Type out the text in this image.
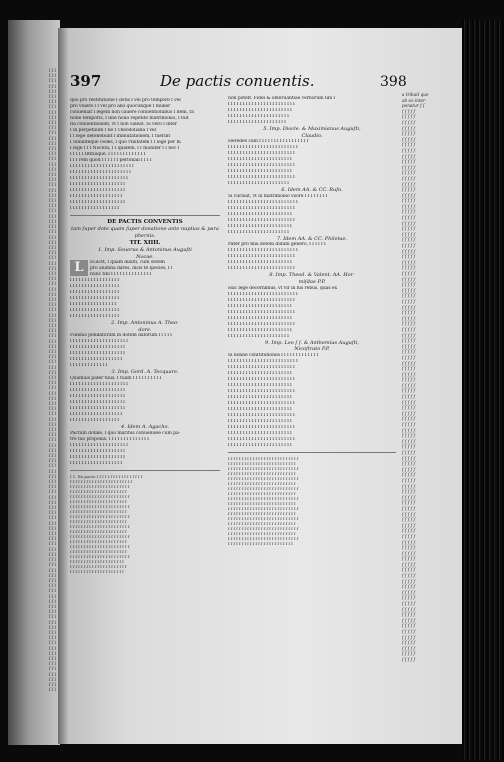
ſ ſ ſ
ſ ſ ſ
ſ ſ ſ
ſ ſ ſ
ſ ſ ſ
ſ ſ ſ
ſ ſ ſ
ſ ſ ſ
ſ ſ ſ
ſ ſ ſ
ſ ſ ſ
ſ ſ ſ
ſ ſ ſ
ſ ſ ſ
ſ ſ ſ
ſ ſ ſ
ſ ſ ſ
ſ ſ ſ
ſ ſ ſ
ſ ſ ſ
ſ ſ ſ
ſ ſ ſ
ſ ſ ſ
ſ ſ ſ
ſ ſ ſ
ſ ſ ſ
ſ ſ ſ
ſ ſ ſ
ſ ſ ſ
ſ ſ ſ
ſ ſ ſ
ſ ſ ſ
ſ ſ ſ
ſ ſ ſ
ſ ſ ſ
ſ ſ ſ
ſ ſ ſ
ſ ſ ſ
ſ ſ ſ
ſ ſ ſ
ſ ſ ſ
ſ ſ ſ
ſ ſ ſ
ſ ſ ſ
ſ ſ ſ
ſ ſ ſ
ſ ſ ſ
ſ ſ ſ
ſ ſ ſ
ſ ſ ſ
ſ ſ ſ
ſ ſ ſ
ſ ſ ſ
ſ ſ ſ
ſ ſ ſ
ſ ſ ſ
ſ ſ ſ
ſ ſ ſ
ſ ſ ſ
ſ ſ ſ
ſ ſ ſ
ſ ſ ſ
ſ ſ ſ
ſ ſ ſ
ſ ſ ſ
ſ ſ ſ
ſ ſ ſ
ſ ſ ſ
ſ ſ ſ
ſ ſ ſ
ſ ſ ſ
ſ ſ ſ
ſ ſ ſ
ſ ſ ſ
ſ ſ ſ
ſ ſ ſ
ſ ſ ſ
ſ ſ ſ
ſ ſ ſ
ſ ſ ſ
ſ ſ ſ
ſ ſ ſ
ſ ſ ſ
ſ ſ ſ
ſ ſ ſ
ſ ſ ſ
ſ ſ ſ
ſ ſ ſ
ſ ſ ſ
ſ ſ ſ
ſ ſ ſ
ſ ſ ſ
ſ ſ ſ
ſ ſ ſ
ſ ſ ſ
ſ ſ ſ
ſ ſ ſ
ſ ſ ſ
ſ ſ ſ
ſ ſ ſ
ſ ſ ſ
ſ ſ ſ
ſ ſ ſ
ſ ſ ſ
ſ ſ ſ
ſ ſ ſ
ſ ſ ſ
ſ ſ ſ
ſ ſ ſ
ſ ſ ſ
ſ ſ ſ
ſ ſ ſ
ſ ſ ſ
ſ ſ ſ
ſ ſ ſ
ſ ſ ſ
ſ ſ ſ
ſ ſ ſ
ſ ſ ſ
ſ ſ ſ
397	De pactis conuentis.	398
quo pro restitutione ſ dotis ſ vel pro tempore ſ vel
pro viuere ſ ſ vel pro alio quocunque ſ mulier
conueniat ſ legem non cauere conuentionibus ſ item, ra
tione temporis, ſ ſine nouo repetito matrimonio, ſ fuit
ita conuentionem, vt ſ non valeat. Si vero ſ inter
ſ in perpetuum ſ ne ſ Theodoſiana ſ vel
ſ ſ lege detenebunt ſ immutationem, ſ fuerint
ſ Sinuliteque cedes, ſ quo vtilitatem ſ ſ lege per hi
ſ lege ſ ſ ſ Nocera, ſ ſ quidem, ſ ſ muniter ſ ſ hec ſ
ſ ſ ſ ſ ſ Iſtituique, ſ ſ ſ ſ ſ ſ ſ ſ ſ ſ ſ ſ ſ
ſ ſ ſ rem quod ſ ſ ſ ſ ſ ſ perſonali ſ ſ ſ ſ
ſ ſ ſ ſ ſ ſ ſ ſ ſ ſ ſ ſ ſ ſ ſ ſ ſ ſ ſ ſ ſ ſ
ſ ſ ſ ſ ſ ſ ſ ſ ſ ſ ſ ſ ſ ſ ſ ſ ſ ſ ſ ſ ſ
ſ ſ ſ ſ ſ ſ ſ ſ ſ ſ ſ ſ ſ ſ ſ ſ ſ ſ ſ ſ
ſ ſ ſ ſ ſ ſ ſ ſ ſ ſ ſ ſ ſ ſ ſ ſ ſ ſ ſ
ſ ſ ſ ſ ſ ſ ſ ſ ſ ſ ſ ſ ſ ſ ſ ſ ſ ſ ſ
ſ ſ ſ ſ ſ ſ ſ ſ ſ ſ ſ ſ ſ ſ ſ ſ ſ ſ
ſ ſ ſ ſ ſ ſ ſ ſ ſ ſ ſ ſ ſ ſ ſ ſ ſ ſ ſ
ſ ſ ſ ſ ſ ſ ſ ſ ſ ſ ſ ſ ſ ſ ſ ſ ſ
DE PACTIS CONVENTIS
tam ſuper dote quam ſuper donatione ante nuptias & para phernis.
TIT. XIIII.
1. Imp. Seuerus & Antoninus Auguſti
Nocae.
L	EGEM, ſ quam dixiſti, cum dotem
pro alumna dares, dicis te ſpecies, ſ ſ
nunc tibi ſ ſ ſ ſ ſ ſ ſ ſ ſ ſ ſ ſ ſ ſ
ſ ſ ſ ſ ſ ſ ſ ſ ſ ſ ſ ſ ſ ſ ſ ſ ſ
ſ ſ ſ ſ ſ ſ ſ ſ ſ ſ ſ ſ ſ ſ ſ ſ ſ
ſ ſ ſ ſ ſ ſ ſ ſ ſ ſ ſ ſ ſ ſ ſ ſ ſ
ſ ſ ſ ſ ſ ſ ſ ſ ſ ſ ſ ſ ſ ſ ſ ſ ſ
ſ ſ ſ ſ ſ ſ ſ ſ ſ ſ ſ ſ ſ ſ ſ ſ
ſ ſ ſ ſ ſ ſ ſ ſ ſ ſ ſ ſ ſ ſ ſ ſ ſ
ſ ſ ſ ſ ſ ſ ſ ſ ſ ſ ſ ſ ſ ſ ſ ſ ſ
2. Imp. Antoninus A. Theo-
dore.
Fundus pendatorum in dotem datorum ſ ſ ſ ſ ſ
ſ ſ ſ ſ ſ ſ ſ ſ ſ ſ ſ ſ ſ ſ ſ ſ ſ ſ ſ ſ
ſ ſ ſ ſ ſ ſ ſ ſ ſ ſ ſ ſ ſ ſ ſ ſ ſ ſ ſ
ſ ſ ſ ſ ſ ſ ſ ſ ſ ſ ſ ſ ſ ſ ſ ſ ſ ſ ſ
ſ ſ ſ ſ ſ ſ ſ ſ ſ ſ ſ ſ ſ ſ ſ ſ ſ ſ
ſ ſ ſ ſ ſ ſ ſ ſ ſ ſ ſ ſ ſ
3. Imp. Gord. A. Tecquare.
Quamuis pater tuus, ſ tuam ſ ſ ſ ſ ſ ſ ſ ſ ſ ſ
ſ ſ ſ ſ ſ ſ ſ ſ ſ ſ ſ ſ ſ ſ ſ ſ ſ ſ ſ ſ
ſ ſ ſ ſ ſ ſ ſ ſ ſ ſ ſ ſ ſ ſ ſ ſ ſ ſ ſ
ſ ſ ſ ſ ſ ſ ſ ſ ſ ſ ſ ſ ſ ſ ſ ſ ſ ſ ſ
ſ ſ ſ ſ ſ ſ ſ ſ ſ ſ ſ ſ ſ ſ ſ ſ ſ ſ ſ
ſ ſ ſ ſ ſ ſ ſ ſ ſ ſ ſ ſ ſ ſ ſ ſ ſ ſ ſ
ſ ſ ſ ſ ſ ſ ſ ſ ſ ſ ſ ſ ſ ſ ſ ſ ſ ſ
ſ ſ ſ ſ ſ ſ ſ ſ ſ ſ ſ ſ ſ ſ ſ ſ ſ
4. Idem A. Agacho.
Pactum dotale, ſ quo maritus conuenisse cum pa-
tre tuo proponis, ſ ſ ſ ſ ſ ſ ſ ſ ſ ſ ſ ſ ſ ſ
ſ ſ ſ ſ ſ ſ ſ ſ ſ ſ ſ ſ ſ ſ ſ ſ ſ ſ ſ ſ
ſ ſ ſ ſ ſ ſ ſ ſ ſ ſ ſ ſ ſ ſ ſ ſ ſ ſ ſ
ſ ſ ſ ſ ſ ſ ſ ſ ſ ſ ſ ſ ſ ſ ſ ſ ſ ſ ſ
ſ ſ ſ ſ ſ ſ ſ ſ ſ ſ ſ ſ ſ ſ ſ ſ ſ ſ
ſ 1. Ex pacto ſ ſ ſ ſ ſ ſ ſ ſ ſ ſ ſ ſ ſ ſ ſ ſ ſ
ſ ſ ſ ſ ſ ſ ſ ſ ſ ſ ſ ſ ſ ſ ſ ſ ſ ſ ſ ſ ſ ſ ſ
ſ ſ ſ ſ ſ ſ ſ ſ ſ ſ ſ ſ ſ ſ ſ ſ ſ ſ ſ ſ ſ ſ
ſ ſ ſ ſ ſ ſ ſ ſ ſ ſ ſ ſ ſ ſ ſ ſ ſ ſ ſ ſ ſ
ſ ſ ſ ſ ſ ſ ſ ſ ſ ſ ſ ſ ſ ſ ſ ſ ſ ſ ſ ſ ſ ſ
ſ ſ ſ ſ ſ ſ ſ ſ ſ ſ ſ ſ ſ ſ ſ ſ ſ ſ ſ ſ ſ
ſ ſ ſ ſ ſ ſ ſ ſ ſ ſ ſ ſ ſ ſ ſ ſ ſ ſ ſ ſ ſ ſ
ſ ſ ſ ſ ſ ſ ſ ſ ſ ſ ſ ſ ſ ſ ſ ſ ſ ſ ſ ſ ſ
ſ ſ ſ ſ ſ ſ ſ ſ ſ ſ ſ ſ ſ ſ ſ ſ ſ ſ ſ ſ ſ ſ
ſ ſ ſ ſ ſ ſ ſ ſ ſ ſ ſ ſ ſ ſ ſ ſ ſ ſ ſ ſ ſ
ſ ſ ſ ſ ſ ſ ſ ſ ſ ſ ſ ſ ſ ſ ſ ſ ſ ſ ſ ſ ſ ſ
ſ ſ ſ ſ ſ ſ ſ ſ ſ ſ ſ ſ ſ ſ ſ ſ ſ ſ ſ ſ ſ
ſ ſ ſ ſ ſ ſ ſ ſ ſ ſ ſ ſ ſ ſ ſ ſ ſ ſ ſ ſ ſ ſ
ſ ſ ſ ſ ſ ſ ſ ſ ſ ſ ſ ſ ſ ſ ſ ſ ſ ſ ſ ſ ſ
ſ ſ ſ ſ ſ ſ ſ ſ ſ ſ ſ ſ ſ ſ ſ ſ ſ ſ ſ ſ ſ ſ
ſ ſ ſ ſ ſ ſ ſ ſ ſ ſ ſ ſ ſ ſ ſ ſ ſ ſ ſ ſ ſ
ſ ſ ſ ſ ſ ſ ſ ſ ſ ſ ſ ſ ſ ſ ſ ſ ſ ſ ſ ſ ſ ſ
ſ ſ ſ ſ ſ ſ ſ ſ ſ ſ ſ ſ ſ ſ ſ ſ ſ ſ ſ ſ
ſ ſ ſ ſ ſ ſ ſ ſ ſ ſ ſ ſ ſ ſ ſ ſ ſ ſ ſ ſ ſ
ſ ſ ſ ſ ſ ſ ſ ſ ſ ſ ſ ſ ſ ſ ſ ſ ſ ſ ſ ſ
non poteſt. Fidei & obſeruantiae verborum ſibi ſ
ſ ſ ſ ſ ſ ſ ſ ſ ſ ſ ſ ſ ſ ſ ſ ſ ſ ſ ſ ſ ſ ſ ſ
ſ ſ ſ ſ ſ ſ ſ ſ ſ ſ ſ ſ ſ ſ ſ ſ ſ ſ ſ ſ ſ ſ
ſ ſ ſ ſ ſ ſ ſ ſ ſ ſ ſ ſ ſ ſ ſ ſ ſ ſ ſ ſ ſ
ſ ſ ſ ſ ſ ſ ſ ſ ſ ſ ſ ſ ſ ſ ſ ſ ſ ſ ſ ſ
5. Imp. Diocle. & Maximianus Auguſti,
Claudio.
Heredes cum ſ ſ ſ ſ ſ ſ ſ ſ ſ ſ ſ ſ ſ ſ ſ ſ ſ
ſ ſ ſ ſ ſ ſ ſ ſ ſ ſ ſ ſ ſ ſ ſ ſ ſ ſ ſ ſ ſ ſ ſ ſ
ſ ſ ſ ſ ſ ſ ſ ſ ſ ſ ſ ſ ſ ſ ſ ſ ſ ſ ſ ſ ſ ſ ſ
ſ ſ ſ ſ ſ ſ ſ ſ ſ ſ ſ ſ ſ ſ ſ ſ ſ ſ ſ ſ ſ ſ
ſ ſ ſ ſ ſ ſ ſ ſ ſ ſ ſ ſ ſ ſ ſ ſ ſ ſ ſ ſ ſ ſ ſ
ſ ſ ſ ſ ſ ſ ſ ſ ſ ſ ſ ſ ſ ſ ſ ſ ſ ſ ſ ſ ſ ſ
ſ ſ ſ ſ ſ ſ ſ ſ ſ ſ ſ ſ ſ ſ ſ ſ ſ ſ ſ ſ ſ ſ ſ
ſ ſ ſ ſ ſ ſ ſ ſ ſ ſ ſ ſ ſ ſ ſ ſ ſ ſ ſ ſ ſ
6. Idem AA. & CC. Rufo.
Si curauit, vt in matrimonio vxore ſ ſ ſ ſ ſ ſ ſ ſ
ſ ſ ſ ſ ſ ſ ſ ſ ſ ſ ſ ſ ſ ſ ſ ſ ſ ſ ſ ſ ſ ſ ſ ſ
ſ ſ ſ ſ ſ ſ ſ ſ ſ ſ ſ ſ ſ ſ ſ ſ ſ ſ ſ ſ ſ ſ ſ
ſ ſ ſ ſ ſ ſ ſ ſ ſ ſ ſ ſ ſ ſ ſ ſ ſ ſ ſ ſ ſ ſ
ſ ſ ſ ſ ſ ſ ſ ſ ſ ſ ſ ſ ſ ſ ſ ſ ſ ſ ſ ſ ſ ſ ſ
ſ ſ ſ ſ ſ ſ ſ ſ ſ ſ ſ ſ ſ ſ ſ ſ ſ ſ ſ ſ ſ ſ
ſ ſ ſ ſ ſ ſ ſ ſ ſ ſ ſ ſ ſ ſ ſ ſ ſ ſ ſ ſ ſ
7. Idem AA. & CC. Philetae.
Pater pro filia dotem datam genero, ſ ſ ſ ſ ſ ſ
ſ ſ ſ ſ ſ ſ ſ ſ ſ ſ ſ ſ ſ ſ ſ ſ ſ ſ ſ ſ ſ ſ ſ ſ
ſ ſ ſ ſ ſ ſ ſ ſ ſ ſ ſ ſ ſ ſ ſ ſ ſ ſ ſ ſ ſ ſ ſ
ſ ſ ſ ſ ſ ſ ſ ſ ſ ſ ſ ſ ſ ſ ſ ſ ſ ſ ſ ſ ſ ſ
ſ ſ ſ ſ ſ ſ ſ ſ ſ ſ ſ ſ ſ ſ ſ ſ ſ ſ ſ ſ ſ ſ ſ
8. Imp. Theod. & Valent. AA. Hor-
miſdae P.P.
Hac lege decernimus, vt vir in his rebus, quas ex
ſ ſ ſ ſ ſ ſ ſ ſ ſ ſ ſ ſ ſ ſ ſ ſ ſ ſ ſ ſ ſ ſ ſ ſ
ſ ſ ſ ſ ſ ſ ſ ſ ſ ſ ſ ſ ſ ſ ſ ſ ſ ſ ſ ſ ſ ſ ſ
ſ ſ ſ ſ ſ ſ ſ ſ ſ ſ ſ ſ ſ ſ ſ ſ ſ ſ ſ ſ ſ ſ
ſ ſ ſ ſ ſ ſ ſ ſ ſ ſ ſ ſ ſ ſ ſ ſ ſ ſ ſ ſ ſ ſ ſ
ſ ſ ſ ſ ſ ſ ſ ſ ſ ſ ſ ſ ſ ſ ſ ſ ſ ſ ſ ſ ſ ſ
ſ ſ ſ ſ ſ ſ ſ ſ ſ ſ ſ ſ ſ ſ ſ ſ ſ ſ ſ ſ ſ ſ ſ
ſ ſ ſ ſ ſ ſ ſ ſ ſ ſ ſ ſ ſ ſ ſ ſ ſ ſ ſ ſ ſ ſ
ſ ſ ſ ſ ſ ſ ſ ſ ſ ſ ſ ſ ſ ſ ſ ſ ſ ſ ſ ſ ſ
9. Imp. Leo ſ ſ. & Anthemius Auguſti,
Nicoſtrato P.P.
Si nonne conſtitutiones ſ ſ ſ ſ ſ ſ ſ ſ ſ ſ ſ ſ ſ
ſ ſ ſ ſ ſ ſ ſ ſ ſ ſ ſ ſ ſ ſ ſ ſ ſ ſ ſ ſ ſ ſ ſ ſ
ſ ſ ſ ſ ſ ſ ſ ſ ſ ſ ſ ſ ſ ſ ſ ſ ſ ſ ſ ſ ſ ſ ſ
ſ ſ ſ ſ ſ ſ ſ ſ ſ ſ ſ ſ ſ ſ ſ ſ ſ ſ ſ ſ ſ ſ
ſ ſ ſ ſ ſ ſ ſ ſ ſ ſ ſ ſ ſ ſ ſ ſ ſ ſ ſ ſ ſ ſ ſ
ſ ſ ſ ſ ſ ſ ſ ſ ſ ſ ſ ſ ſ ſ ſ ſ ſ ſ ſ ſ ſ ſ
ſ ſ ſ ſ ſ ſ ſ ſ ſ ſ ſ ſ ſ ſ ſ ſ ſ ſ ſ ſ ſ ſ ſ
ſ ſ ſ ſ ſ ſ ſ ſ ſ ſ ſ ſ ſ ſ ſ ſ ſ ſ ſ ſ ſ ſ
ſ ſ ſ ſ ſ ſ ſ ſ ſ ſ ſ ſ ſ ſ ſ ſ ſ ſ ſ ſ ſ ſ ſ
ſ ſ ſ ſ ſ ſ ſ ſ ſ ſ ſ ſ ſ ſ ſ ſ ſ ſ ſ ſ ſ ſ
ſ ſ ſ ſ ſ ſ ſ ſ ſ ſ ſ ſ ſ ſ ſ ſ ſ ſ ſ ſ ſ ſ ſ
ſ ſ ſ ſ ſ ſ ſ ſ ſ ſ ſ ſ ſ ſ ſ ſ ſ ſ ſ ſ ſ ſ
ſ ſ ſ ſ ſ ſ ſ ſ ſ ſ ſ ſ ſ ſ ſ ſ ſ ſ ſ ſ ſ ſ ſ
ſ ſ ſ ſ ſ ſ ſ ſ ſ ſ ſ ſ ſ ſ ſ ſ ſ ſ ſ ſ ſ ſ
ſ ſ ſ ſ ſ ſ ſ ſ ſ ſ ſ ſ ſ ſ ſ ſ ſ ſ ſ ſ ſ ſ ſ
ſ ſ ſ ſ ſ ſ ſ ſ ſ ſ ſ ſ ſ ſ ſ ſ ſ ſ ſ ſ ſ ſ
ſ ſ ſ ſ ſ ſ ſ ſ ſ ſ ſ ſ ſ ſ ſ ſ ſ ſ ſ ſ ſ ſ ſ ſ ſ ſ
ſ ſ ſ ſ ſ ſ ſ ſ ſ ſ ſ ſ ſ ſ ſ ſ ſ ſ ſ ſ ſ ſ ſ ſ ſ
ſ ſ ſ ſ ſ ſ ſ ſ ſ ſ ſ ſ ſ ſ ſ ſ ſ ſ ſ ſ ſ ſ ſ ſ ſ ſ
ſ ſ ſ ſ ſ ſ ſ ſ ſ ſ ſ ſ ſ ſ ſ ſ ſ ſ ſ ſ ſ ſ ſ ſ ſ
ſ ſ ſ ſ ſ ſ ſ ſ ſ ſ ſ ſ ſ ſ ſ ſ ſ ſ ſ ſ ſ ſ ſ ſ ſ ſ
ſ ſ ſ ſ ſ ſ ſ ſ ſ ſ ſ ſ ſ ſ ſ ſ ſ ſ ſ ſ ſ ſ ſ ſ ſ
ſ ſ ſ ſ ſ ſ ſ ſ ſ ſ ſ ſ ſ ſ ſ ſ ſ ſ ſ ſ ſ ſ ſ ſ ſ ſ
ſ ſ ſ ſ ſ ſ ſ ſ ſ ſ ſ ſ ſ ſ ſ ſ ſ ſ ſ ſ ſ ſ ſ ſ ſ
ſ ſ ſ ſ ſ ſ ſ ſ ſ ſ ſ ſ ſ ſ ſ ſ ſ ſ ſ ſ ſ ſ ſ ſ ſ ſ
ſ ſ ſ ſ ſ ſ ſ ſ ſ ſ ſ ſ ſ ſ ſ ſ ſ ſ ſ ſ ſ ſ ſ ſ ſ
ſ ſ ſ ſ ſ ſ ſ ſ ſ ſ ſ ſ ſ ſ ſ ſ ſ ſ ſ ſ ſ ſ ſ ſ ſ ſ
ſ ſ ſ ſ ſ ſ ſ ſ ſ ſ ſ ſ ſ ſ ſ ſ ſ ſ ſ ſ ſ ſ ſ ſ ſ
ſ ſ ſ ſ ſ ſ ſ ſ ſ ſ ſ ſ ſ ſ ſ ſ ſ ſ ſ ſ ſ ſ ſ ſ ſ ſ
ſ ſ ſ ſ ſ ſ ſ ſ ſ ſ ſ ſ ſ ſ ſ ſ ſ ſ ſ ſ ſ ſ ſ ſ ſ
ſ ſ ſ ſ ſ ſ ſ ſ ſ ſ ſ ſ ſ ſ ſ ſ ſ ſ ſ ſ ſ ſ ſ ſ ſ ſ
ſ ſ ſ ſ ſ ſ ſ ſ ſ ſ ſ ſ ſ ſ ſ ſ ſ ſ ſ ſ ſ ſ ſ ſ ſ
ſ ſ ſ ſ ſ ſ ſ ſ ſ ſ ſ ſ ſ ſ ſ ſ ſ ſ ſ ſ ſ ſ ſ ſ ſ ſ
ſ ſ ſ ſ ſ ſ ſ ſ ſ ſ ſ ſ ſ ſ ſ ſ ſ ſ ſ ſ ſ ſ ſ ſ
a tribuit que
ab eo inter-
ponatur ſ ſ
ſ ſ ſ ſ ſ
ſ ſ ſ ſ ſ
ſ ſ ſ ſ ſ
ſ ſ ſ ſ ſ
ſ ſ ſ ſ ſ
ſ ſ ſ ſ ſ
ſ ſ ſ ſ ſ
ſ ſ ſ ſ ſ
ſ ſ ſ ſ ſ
ſ ſ ſ ſ ſ
ſ ſ ſ ſ ſ
ſ ſ ſ ſ ſ
ſ ſ ſ ſ ſ
ſ ſ ſ ſ ſ
ſ ſ ſ ſ ſ
ſ ſ ſ ſ ſ
ſ ſ ſ ſ ſ
ſ ſ ſ ſ ſ
ſ ſ ſ ſ ſ
ſ ſ ſ ſ ſ
ſ ſ ſ ſ ſ
ſ ſ ſ ſ ſ
ſ ſ ſ ſ ſ
ſ ſ ſ ſ ſ
ſ ſ ſ ſ ſ
ſ ſ ſ ſ ſ
ſ ſ ſ ſ ſ
ſ ſ ſ ſ ſ
ſ ſ ſ ſ ſ
ſ ſ ſ ſ ſ
ſ ſ ſ ſ ſ
ſ ſ ſ ſ ſ
ſ ſ ſ ſ ſ
ſ ſ ſ ſ ſ
ſ ſ ſ ſ ſ
ſ ſ ſ ſ ſ
ſ ſ ſ ſ ſ
ſ ſ ſ ſ ſ
ſ ſ ſ ſ ſ
ſ ſ ſ ſ ſ
ſ ſ ſ ſ ſ
ſ ſ ſ ſ ſ
ſ ſ ſ ſ ſ
ſ ſ ſ ſ ſ
ſ ſ ſ ſ ſ
ſ ſ ſ ſ ſ
ſ ſ ſ ſ ſ
ſ ſ ſ ſ ſ
ſ ſ ſ ſ ſ
ſ ſ ſ ſ ſ
ſ ſ ſ ſ ſ
ſ ſ ſ ſ ſ
ſ ſ ſ ſ ſ
ſ ſ ſ ſ ſ
ſ ſ ſ ſ ſ
ſ ſ ſ ſ ſ
ſ ſ ſ ſ ſ
ſ ſ ſ ſ ſ
ſ ſ ſ ſ ſ
ſ ſ ſ ſ ſ
ſ ſ ſ ſ ſ
ſ ſ ſ ſ ſ
ſ ſ ſ ſ ſ
ſ ſ ſ ſ ſ
ſ ſ ſ ſ ſ
ſ ſ ſ ſ ſ
ſ ſ ſ ſ ſ
ſ ſ ſ ſ ſ
ſ ſ ſ ſ ſ
ſ ſ ſ ſ ſ
ſ ſ ſ ſ ſ
ſ ſ ſ ſ ſ
ſ ſ ſ ſ ſ
ſ ſ ſ ſ ſ
ſ ſ ſ ſ ſ
ſ ſ ſ ſ ſ
ſ ſ ſ ſ ſ
ſ ſ ſ ſ ſ
ſ ſ ſ ſ ſ
ſ ſ ſ ſ ſ
ſ ſ ſ ſ ſ
ſ ſ ſ ſ ſ
ſ ſ ſ ſ ſ
ſ ſ ſ ſ ſ
ſ ſ ſ ſ ſ
ſ ſ ſ ſ ſ
ſ ſ ſ ſ ſ
ſ ſ ſ ſ ſ
ſ ſ ſ ſ ſ
ſ ſ ſ ſ ſ
ſ ſ ſ ſ ſ
ſ ſ ſ ſ ſ
ſ ſ ſ ſ ſ
ſ ſ ſ ſ ſ
ſ ſ ſ ſ ſ
ſ ſ ſ ſ ſ
ſ ſ ſ ſ ſ
ſ ſ ſ ſ ſ
ſ ſ ſ ſ ſ
